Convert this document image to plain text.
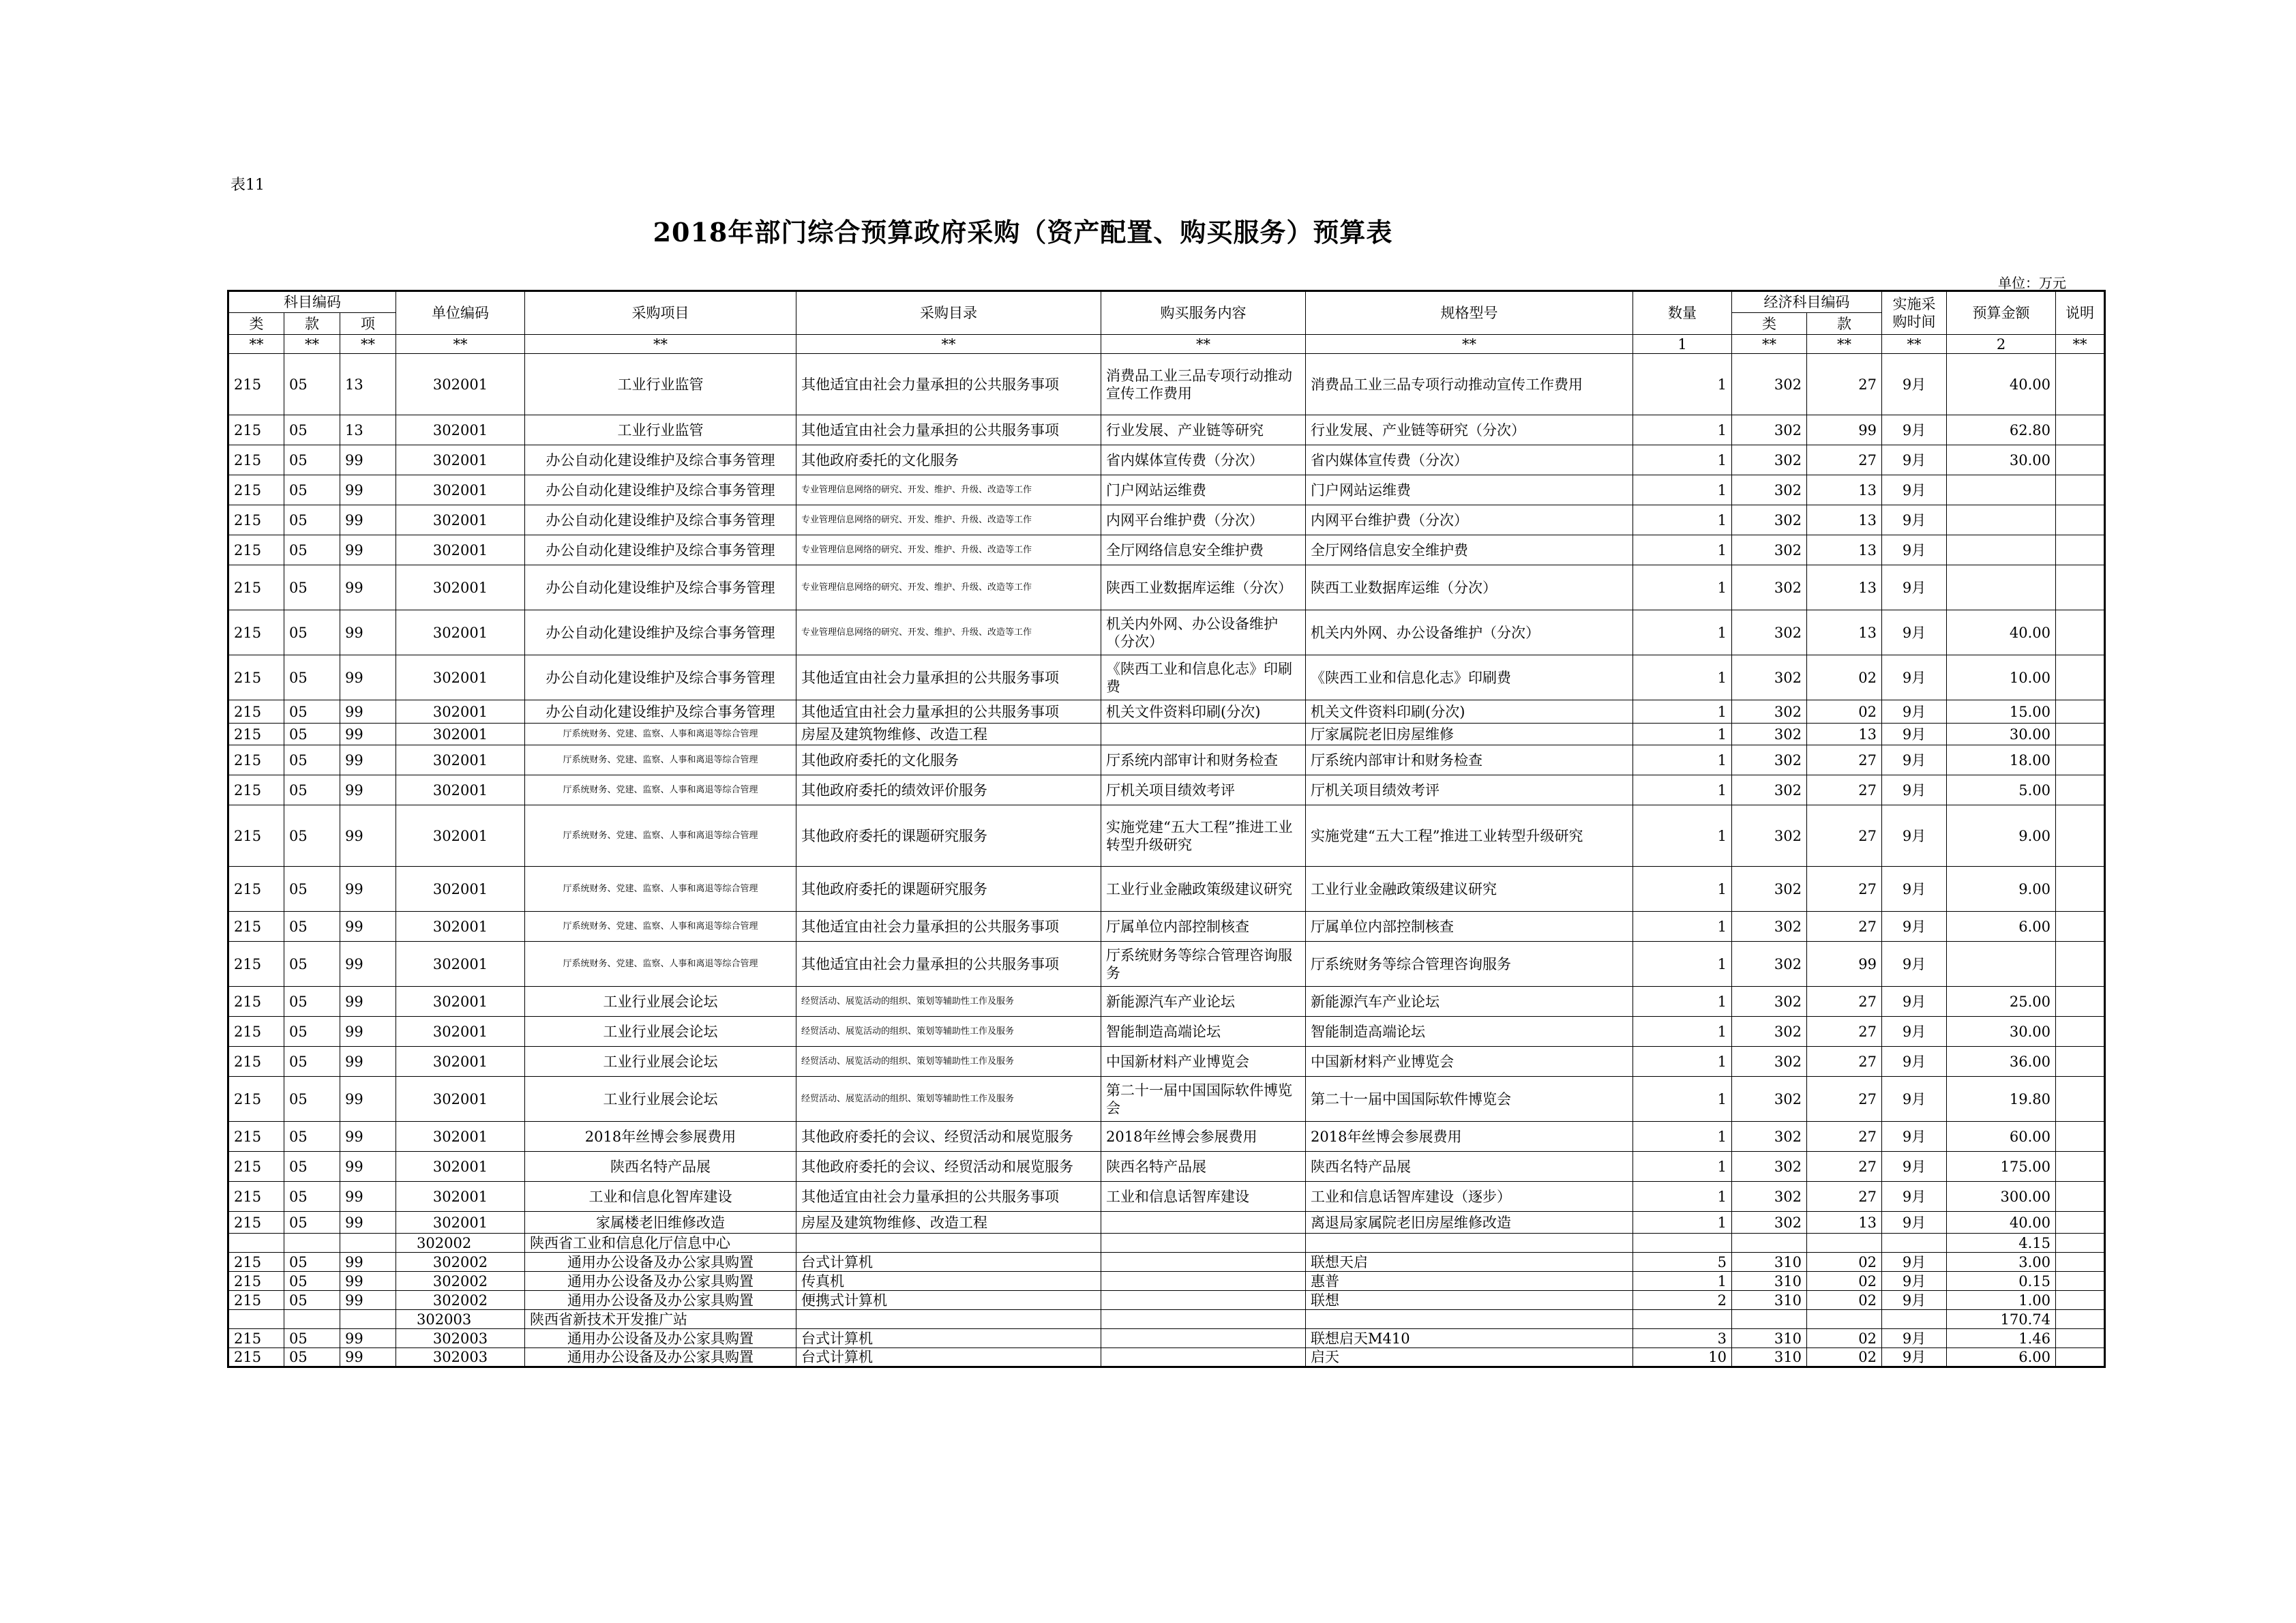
表11
2018年部门综合预算政府采购（资产配置、购买服务）预算表
单位：万元
科目编码			单位编码	采购项目	采购目录	购买服务内容	规格型号	数量	经济科目编码		实施采购时间	预算金额	说明
类	款	项							类	款			
**	**	**	**	**	**	**	**	1	**	**	**	2	**
215	05	13	302001	工业行业监管	其他适宜由社会力量承担的公共服务事项	消费品工业三品专项行动推动宣传工作费用	消费品工业三品专项行动推动宣传工作费用	1	302	27	9月	40.00	
215	05	13	302001	工业行业监管	其他适宜由社会力量承担的公共服务事项	行业发展、产业链等研究	行业发展、产业链等研究（分次）	1	302	99	9月	62.80	
215	05	99	302001	办公自动化建设维护及综合事务管理	其他政府委托的文化服务	省内媒体宣传费（分次）	省内媒体宣传费（分次）	1	302	27	9月	30.00	
215	05	99	302001	办公自动化建设维护及综合事务管理	专业管理信息网络的研究、开发、维护、升级、改造等工作	门户网站运维费	门户网站运维费	1	302	13	9月		
215	05	99	302001	办公自动化建设维护及综合事务管理	专业管理信息网络的研究、开发、维护、升级、改造等工作	内网平台维护费（分次）	内网平台维护费（分次）	1	302	13	9月		
215	05	99	302001	办公自动化建设维护及综合事务管理	专业管理信息网络的研究、开发、维护、升级、改造等工作	全厅网络信息安全维护费	全厅网络信息安全维护费	1	302	13	9月		
215	05	99	302001	办公自动化建设维护及综合事务管理	专业管理信息网络的研究、开发、维护、升级、改造等工作	陕西工业数据库运维（分次）	陕西工业数据库运维（分次）	1	302	13	9月		
215	05	99	302001	办公自动化建设维护及综合事务管理	专业管理信息网络的研究、开发、维护、升级、改造等工作	机关内外网、办公设备维护（分次）	机关内外网、办公设备维护（分次）	1	302	13	9月	40.00	
215	05	99	302001	办公自动化建设维护及综合事务管理	其他适宜由社会力量承担的公共服务事项	《陕西工业和信息化志》印刷费	《陕西工业和信息化志》印刷费	1	302	02	9月	10.00	
215	05	99	302001	办公自动化建设维护及综合事务管理	其他适宜由社会力量承担的公共服务事项	机关文件资料印刷(分次)	机关文件资料印刷(分次)	1	302	02	9月	15.00	
215	05	99	302001	厅系统财务、党建、监察、人事和离退等综合管理	房屋及建筑物维修、改造工程		厅家属院老旧房屋维修	1	302	13	9月	30.00	
215	05	99	302001	厅系统财务、党建、监察、人事和离退等综合管理	其他政府委托的文化服务	厅系统内部审计和财务检查	厅系统内部审计和财务检查	1	302	27	9月	18.00	
215	05	99	302001	厅系统财务、党建、监察、人事和离退等综合管理	其他政府委托的绩效评价服务	厅机关项目绩效考评	厅机关项目绩效考评	1	302	27	9月	5.00	
215	05	99	302001	厅系统财务、党建、监察、人事和离退等综合管理	其他政府委托的课题研究服务	实施党建“五大工程”推进工业转型升级研究	实施党建“五大工程”推进工业转型升级研究	1	302	27	9月	9.00	
215	05	99	302001	厅系统财务、党建、监察、人事和离退等综合管理	其他政府委托的课题研究服务	工业行业金融政策级建议研究	工业行业金融政策级建议研究	1	302	27	9月	9.00	
215	05	99	302001	厅系统财务、党建、监察、人事和离退等综合管理	其他适宜由社会力量承担的公共服务事项	厅属单位内部控制核查	厅属单位内部控制核查	1	302	27	9月	6.00	
215	05	99	302001	厅系统财务、党建、监察、人事和离退等综合管理	其他适宜由社会力量承担的公共服务事项	厅系统财务等综合管理咨询服务	厅系统财务等综合管理咨询服务	1	302	99	9月		
215	05	99	302001	工业行业展会论坛	经贸活动、展览活动的组织、策划等辅助性工作及服务	新能源汽车产业论坛	新能源汽车产业论坛	1	302	27	9月	25.00	
215	05	99	302001	工业行业展会论坛	经贸活动、展览活动的组织、策划等辅助性工作及服务	智能制造高端论坛	智能制造高端论坛	1	302	27	9月	30.00	
215	05	99	302001	工业行业展会论坛	经贸活动、展览活动的组织、策划等辅助性工作及服务	中国新材料产业博览会	中国新材料产业博览会	1	302	27	9月	36.00	
215	05	99	302001	工业行业展会论坛	经贸活动、展览活动的组织、策划等辅助性工作及服务	第二十一届中国国际软件博览会	第二十一届中国国际软件博览会	1	302	27	9月	19.80	
215	05	99	302001	2018年丝博会参展费用	其他政府委托的会议、经贸活动和展览服务	2018年丝博会参展费用	2018年丝博会参展费用	1	302	27	9月	60.00	
215	05	99	302001	陕西名特产品展	其他政府委托的会议、经贸活动和展览服务	陕西名特产品展	陕西名特产品展	1	302	27	9月	175.00	
215	05	99	302001	工业和信息化智库建设	其他适宜由社会力量承担的公共服务事项	工业和信息话智库建设	工业和信息话智库建设（逐步）	1	302	27	9月	300.00	
215	05	99	302001	家属楼老旧维修改造	房屋及建筑物维修、改造工程		离退局家属院老旧房屋维修改造	1	302	13	9月	40.00	
			302002	陕西省工业和信息化厅信息中心								4.15	
215	05	99	302002	通用办公设备及办公家具购置	台式计算机		联想天启	5	310	02	9月	3.00	
215	05	99	302002	通用办公设备及办公家具购置	传真机		惠普	1	310	02	9月	0.15	
215	05	99	302002	通用办公设备及办公家具购置	便携式计算机		联想	2	310	02	9月	1.00	
			302003	陕西省新技术开发推广站								170.74	
215	05	99	302003	通用办公设备及办公家具购置	台式计算机		联想启天M410	3	310	02	9月	1.46	
215	05	99	302003	通用办公设备及办公家具购置	台式计算机		启天	10	310	02	9月	6.00	
